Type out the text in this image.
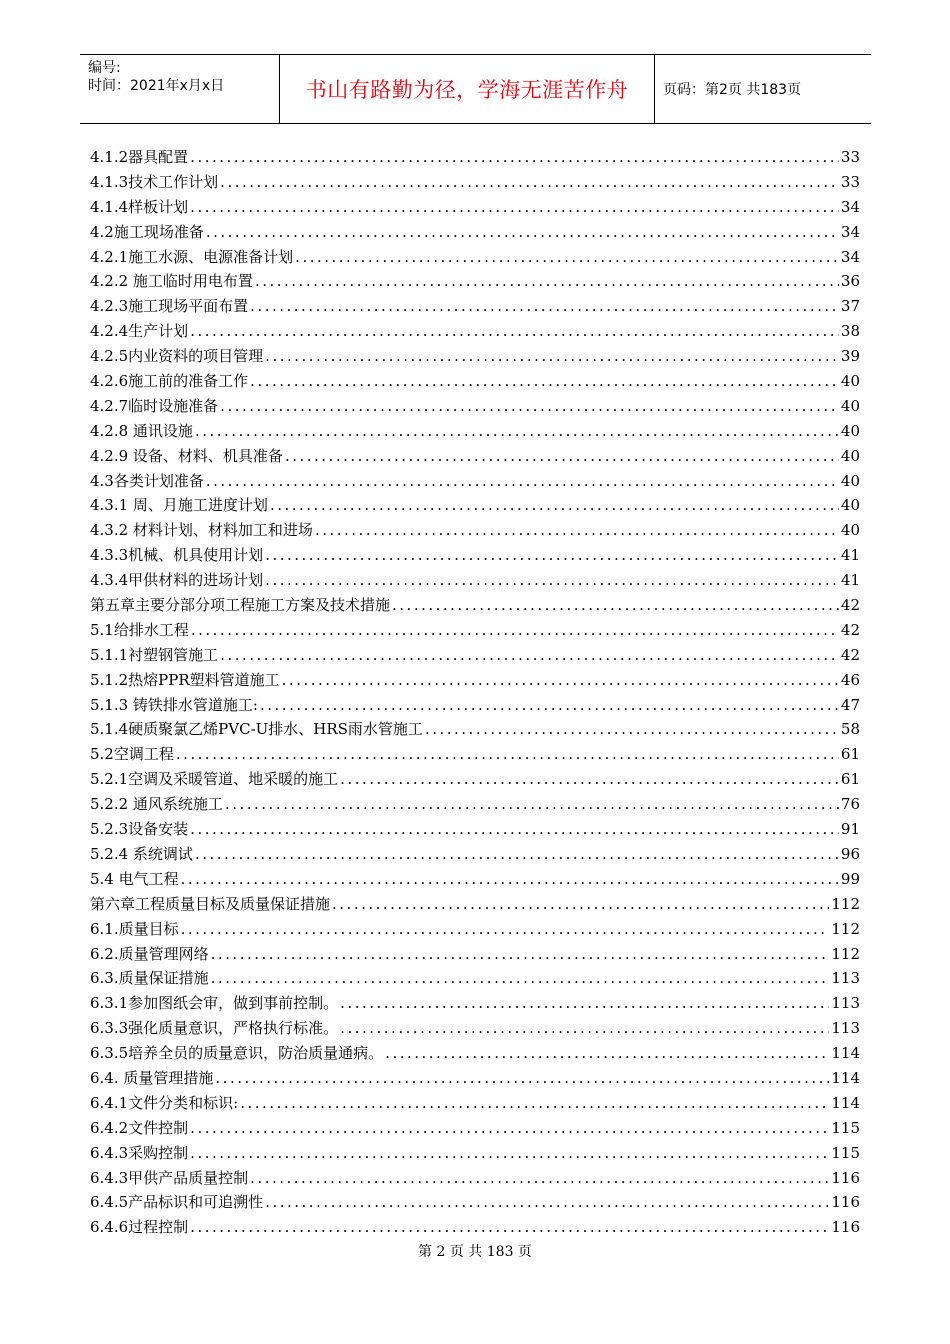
编号:
时间：2021年x月x日	书山有路勤为径，学海无涯苦作舟	页码：第2页 共183页
4.1.2器具配置 .....	33
4.1.3技术工作计划 .....	33
4.1.4样板计划 .....	34
4.2施工现场准备 .....	34
4.2.1施工水源、电源准备计划 .....	34
4.2.2 施工临时用电布置 .....	36
4.2.3施工现场平面布置 .....	37
4.2.4生产计划 .....	38
4.2.5内业资料的项目管理 .....	39
4.2.6施工前的准备工作 .....	40
4.2.7临时设施准备 .....	40
4.2.8 通讯设施 .....	40
4.2.9 设备、材料、机具准备 .....	40
4.3各类计划准备 .....	40
4.3.1 周、月施工进度计划 .....	40
4.3.2 材料计划、材料加工和进场 .....	40
4.3.3机械、机具使用计划 .....	41
4.3.4甲供材料的进场计划 .....	41
第五章主要分部分项工程施工方案及技术措施 .....	42
5.1给排水工程 .....	42
5.1.1衬塑钢管施工 .....	42
5.1.2热熔PPR塑料管道施工 .....	46
5.1.3 铸铁排水管道施工: .....	47
5.1.4硬质聚氯乙烯PVC-U排水、HRS雨水管施工 .....	58
5.2空调工程 .....	61
5.2.1空调及采暖管道、地采暖的施工 .....	61
5.2.2 通风系统施工 .....	76
5.2.3设备安装 .....	91
5.2.4 系统调试 .....	96
5.4 电气工程 .....	99
第六章工程质量目标及质量保证措施 .....	112
6.1.质量目标 .....	112
6.2.质量管理网络 .....	112
6.3.质量保证措施 .....	113
6.3.1参加图纸会审，做到事前控制。 .....	113
6.3.3强化质量意识，严格执行标准。 .....	113
6.3.5培养全员的质量意识，防治质量通病。 .....	114
6.4. 质量管理措施 .....	114
6.4.1文件分类和标识: .....	114
6.4.2文件控制 .....	115
6.4.3采购控制 .....	115
6.4.3甲供产品质量控制 .....	116
6.4.5产品标识和可追溯性 .....	116
6.4.6过程控制 .....	116
第 2 页 共 183 页
